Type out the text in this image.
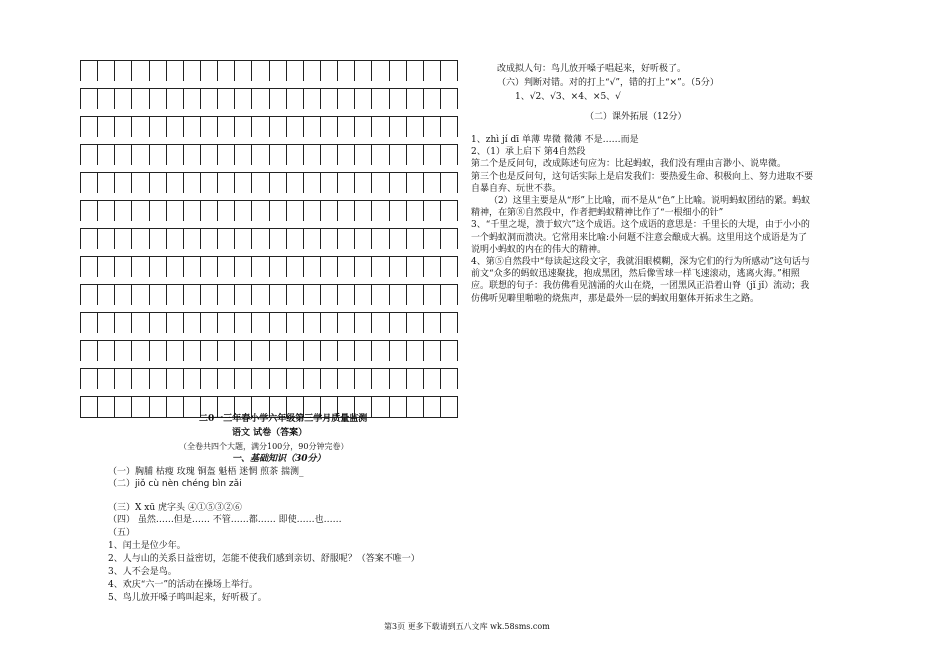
二0一三年春小学六年级第三学月质量监测
语文 试卷（答案）
（全卷共四个大题，满分100分，90分钟完卷）
一、基础知识（30分）
（一）胸脯 枯瘦 玫瑰 铜盔 魁梧 迷惘 煎茶 揣测_
（二）jiǒ cù nèn chéng bìn zǎi
（三）X xū 虎字头 ④①⑤③②⑥
（四） 虽然……但是…… 不管……都…… 即使……也……
（五）
1、闰土是位少年。
2、人与山的关系日益密切，怎能不使我们感到亲切、舒服呢？（答案不唯一）
3、人不会是鸟。
4、欢庆“六一”的活动在操场上举行。
5、鸟儿放开嗓子鸣叫起来，好听极了。
改成拟人句：鸟儿放开嗓子唱起来，好听极了。
（六）判断对错。对的打上“√”，错的打上“×”。（5分）
1、√2、√3、×4、×5、√
（二）课外拓展（12分）

1、zhì jí dī 单薄 卑微 微薄 不是……而是

2、（1）承上启下 第4自然段

第二个是反问句，改成陈述句应为：比起蚂蚁，我们没有理由言渺小、说卑微。

第三个也是反问句，这句话实际上是启发我们：要热爱生命、积极向上、努力进取不要自暴自弃、玩世不恭。

（2）这里主要是从“形”上比喻，而不是从“色”上比喻。说明蚂蚁团结的紧。蚂蚁精神，在第⑧自然段中，作者把蚂蚁精神比作了“一根细小的针”

3、“千里之堤，溃于蚁穴”这个成语。这个成语的意思是：千里长的大堤，由于小小的一个蚂蚁洞而溃决。它常用来比喻:小问题不注意会酿成大祸。这里用这个成语是为了说明小蚂蚁的内在的伟大的精神。

4、第⑤自然段中“每读起这段文字，我就泪眼模糊，深为它们的行为所感动”这句话与前文“众多的蚂蚁迅速聚拢，抱成黑团，然后像雪球一样飞速滚动，逃离火海。”相照应。联想的句子：我仿佛看见汹涌的火山在烧，一团黑风正沿着山脊（jǐ jǐ）流动；我仿佛听见噼里啪啦的烧焦声，那是最外一层的蚂蚁用躯体开拓求生之路。

第3页 更多下载请到五八文库 wk.58sms.com
